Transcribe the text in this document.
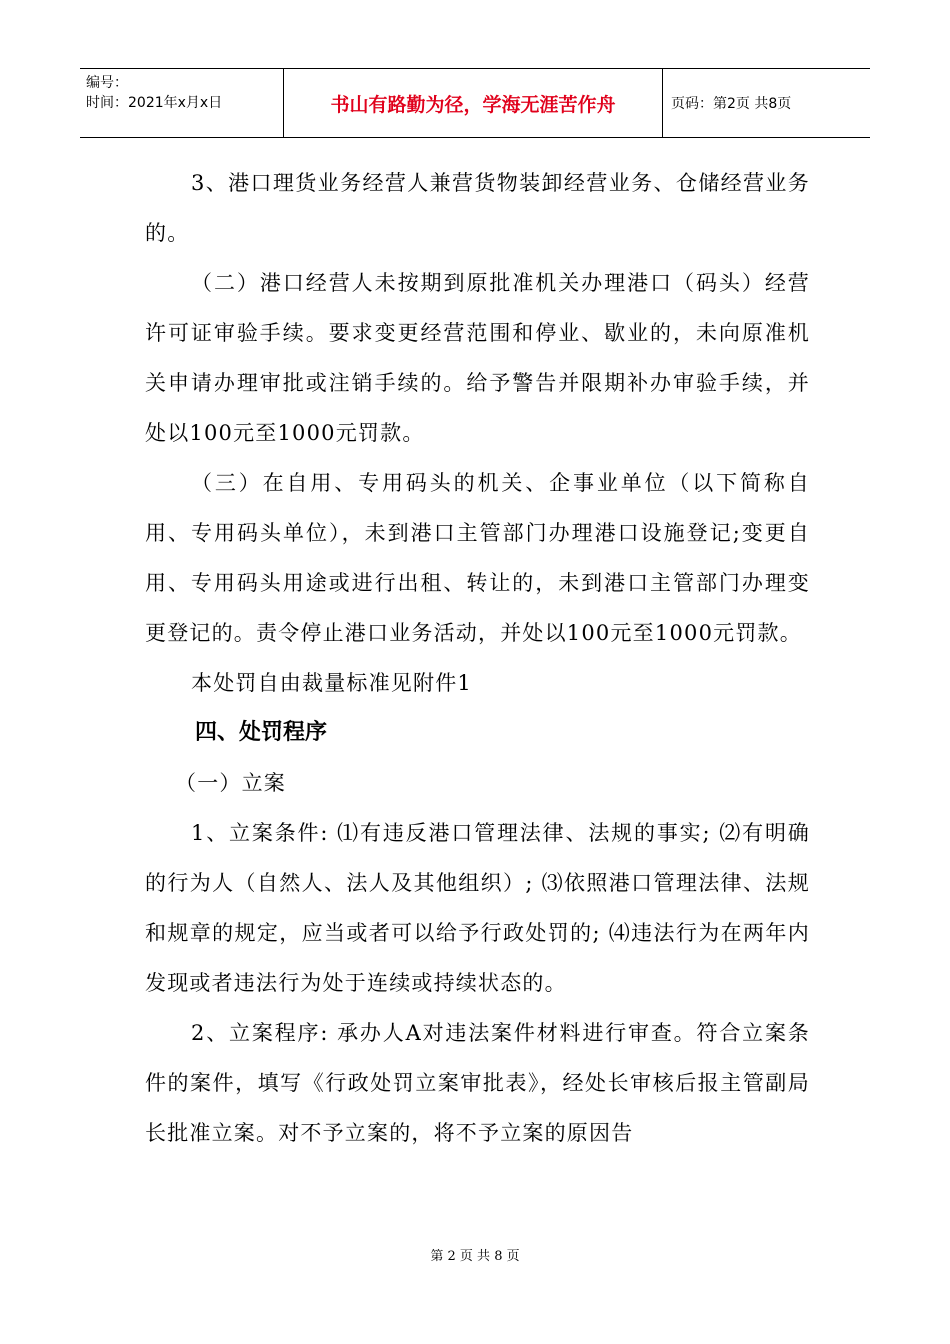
编号：
时间：2021年x月x日	书山有路勤为径，学海无涯苦作舟	页码：第2页 共8页

3、港口理货业务经营人兼营货物装卸经营业务、仓储经营业务的。

（二）港口经营人未按期到原批准机关办理港口（码头）经营许可证审验手续。要求变更经营范围和停业、歇业的，未向原准机关申请办理审批或注销手续的。给予警告并限期补办审验手续，并处以100元至1000元罚款。

（三）在自用、专用码头的机关、企事业单位（以下简称自用、专用码头单位），未到港口主管部门办理港口设施登记;变更自用、专用码头用途或进行出租、转让的，未到港口主管部门办理变更登记的。责令停止港口业务活动，并处以100元至1000元罚款。

本处罚自由裁量标准见附件1

四、处罚程序

（一）立案

1、立案条件: ⑴有违反港口管理法律、法规的事实; ⑵有明确的行为人（自然人、法人及其他组织）; ⑶依照港口管理法律、法规和规章的规定，应当或者可以给予行政处罚的; ⑷违法行为在两年内发现或者违法行为处于连续或持续状态的。

2、立案程序: 承办人A对违法案件材料进行审查。符合立案条件的案件，填写《行政处罚立案审批表》，经处长审核后报主管副局长批准立案。对不予立案的，将不予立案的原因告

第 2 页 共 8 页
